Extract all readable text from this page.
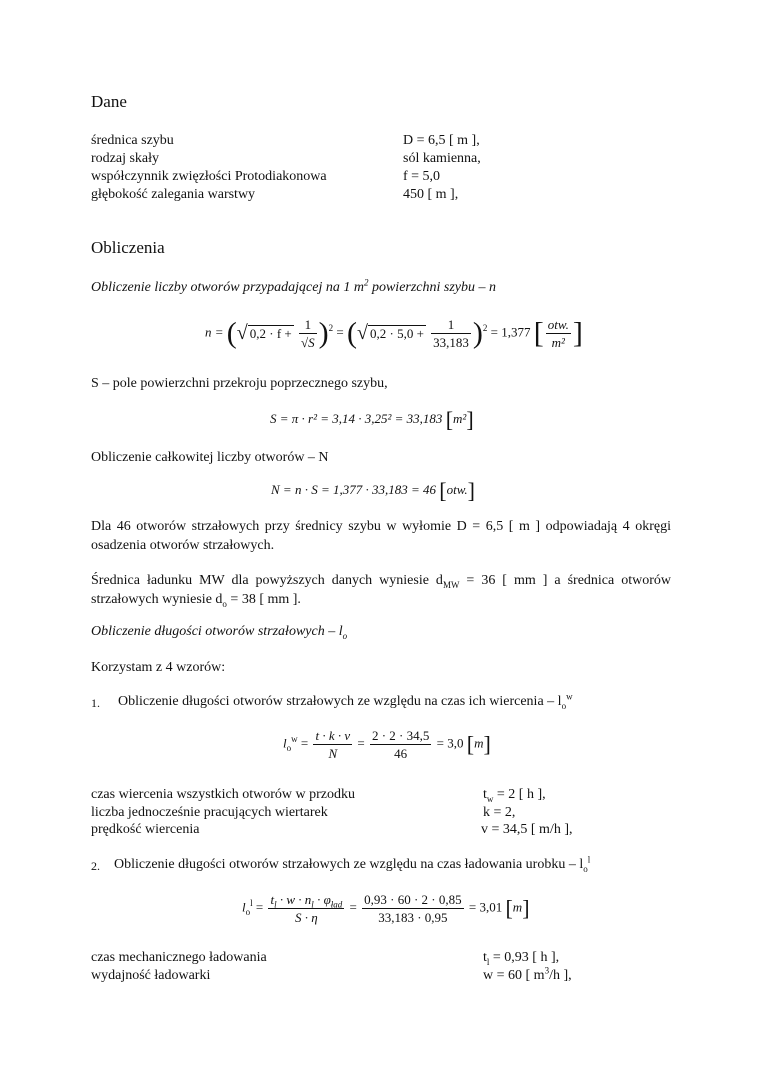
Dane
średnica szybu	D = 6,5 [ m ],
rodzaj skały	sól kamienna,
współczynnik zwięzłości Protodiakonowa	f = 5,0
głębokość zalegania warstwy	450 [ m ],
Obliczenia
Obliczenie liczby otworów przypadającej na 1 $m^2$ powierzchni szybu – n
n = (√ $0,2 \cdot f + \frac{1}{√S} )^2$ = (√ $0,2 \cdot 5,0 + \frac{1}{33,183} )^2 = 1,377$ [ $\frac{\text{otw.}}{\text{m²}}$ ]
S – pole powierzchni przekroju poprzecznego szybu,
S = π · r² = 3,14 · 3,25² = 33,183 [m²]
Obliczenie całkowitej liczby otworów – N
N = n · S = 1,377 · 33,183 = 46 [otw.]
Dla 46 otworów strzałowych przy średnicy szybu w wyłomie D = 6,5 [ m ] odpowiadają 4 okręgi osadzenia otworów strzałowych.
Średnica ładunku MW dla powyższych danych wyniesie $d_{MW} = 36$ [ mm ] a średnica otworów strzałowych wyniesie $d_o = 38$ [ mm ].
Obliczenie długości otworów strzałowych – $l_o$
Korzystam z 4 wzorów:
1. Obliczenie długości otworów strzałowych ze względu na czas ich wiercenia – $l_o^w$
$l_o^w = \frac{t \cdot k \cdot v}{N} = \frac{2 \cdot 2 \cdot 34,5}{46} = 3,0$ [m]
czas wiercenia wszystkich otworów w przodku	$t_w = 2$ [ h ],
liczba jednocześnie pracujących wiertarek	k = 2,
prędkość wiercenia	v = 34,5 [ m/h ],
2. Obliczenie długości otworów strzałowych ze względu na czas ładowania urobku – $l_o^l$
$l_o^l = \frac{t_l \cdot w \cdot n_l \cdot \varphi_{ład}}{S \cdot \eta} = \frac{0,93 \cdot 60 \cdot 2 \cdot 0,85}{33,183 \cdot 0,95} = 3,01$ [m]
czas mechanicznego ładowania	$t_l = 0,93$ [ h ],
wydajność ładowarki	w = 60 [ $m^3/h$ ],
